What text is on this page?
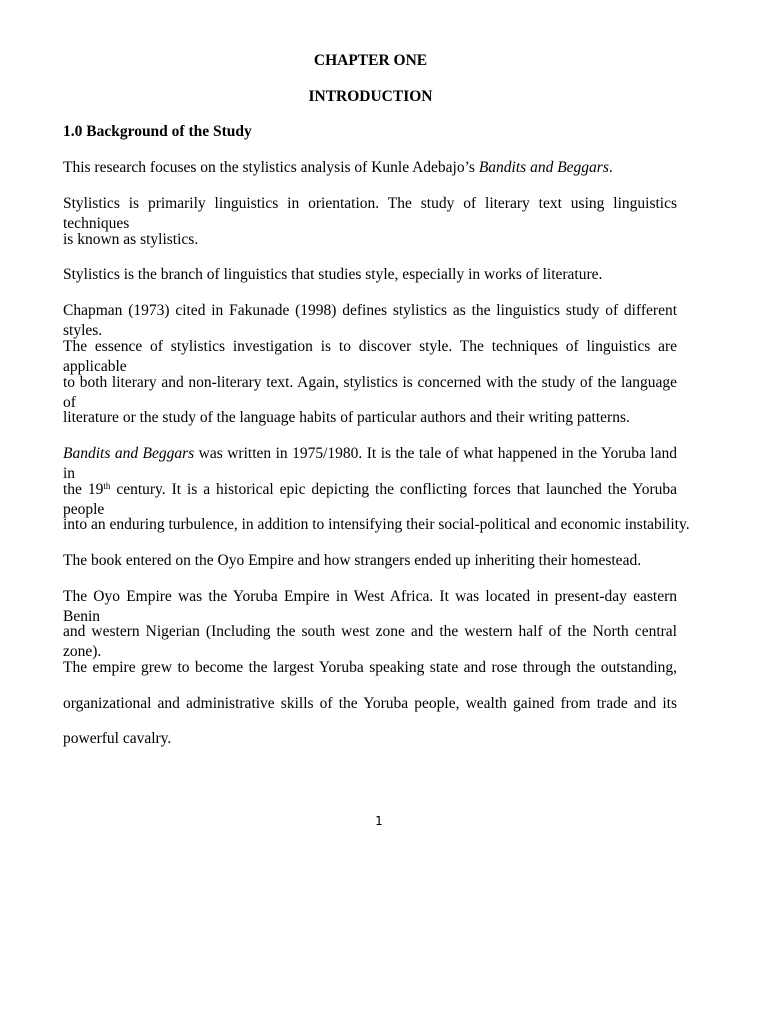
CHAPTER ONE
INTRODUCTION
1.0 Background of the Study
This research focuses on the stylistics analysis of Kunle Adebajo’s Bandits and Beggars.
Stylistics is primarily linguistics in orientation. The study of literary text using linguistics techniques
is known as stylistics.
Stylistics is the branch of linguistics that studies style, especially in works of literature.
Chapman (1973) cited in Fakunade (1998) defines stylistics as the linguistics study of different styles.
The essence of stylistics investigation is to discover style. The techniques of linguistics are applicable
to both literary and non-literary text. Again, stylistics is concerned with the study of the language of
literature or the study of the language habits of particular authors and their writing patterns.
Bandits and Beggars was written in 1975/1980. It is the tale of what happened in the Yoruba land in
the 19th century. It is a historical epic depicting the conflicting forces that launched the Yoruba people
into an enduring turbulence, in addition to intensifying their social-political and economic instability.
The book entered on the Oyo Empire and how strangers ended up inheriting their homestead.
The Oyo Empire was the Yoruba Empire in West Africa. It was located in present-day eastern Benin
and western Nigerian (Including the south west zone and the western half of the North central zone).
The empire grew to become the largest Yoruba speaking state and rose through the outstanding,
organizational and administrative skills of the Yoruba people, wealth gained from trade and its
powerful cavalry.
1
